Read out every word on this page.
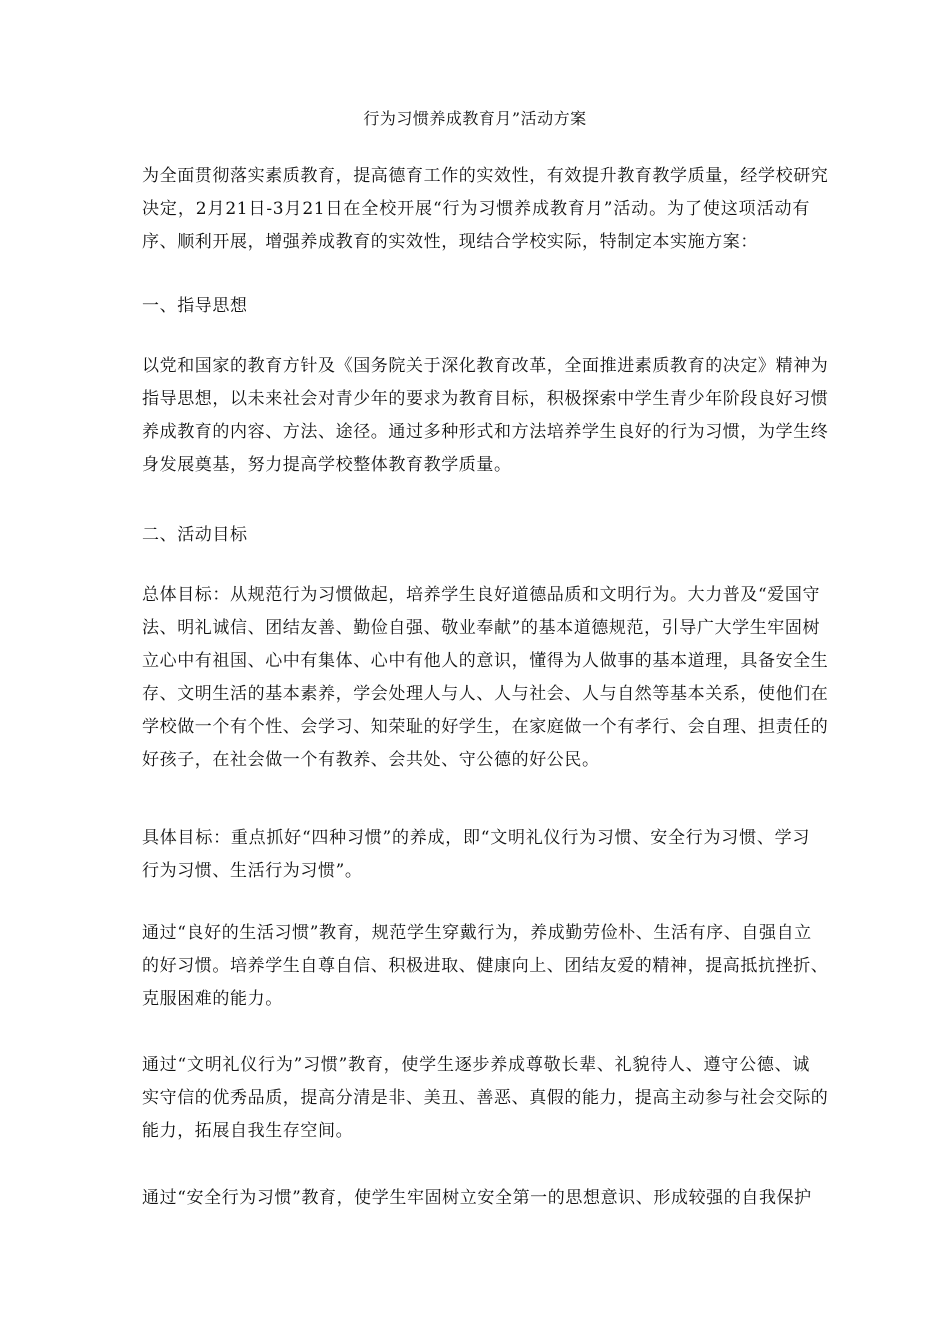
行为习惯养成教育月”活动方案
为全面贯彻落实素质教育，提高德育工作的实效性，有效提升教育教学质量，经学校研究
决定，2月21日-3月21日在全校开展“行为习惯养成教育月”活动。为了使这项活动有
序、顺利开展，增强养成教育的实效性，现结合学校实际，特制定本实施方案：
一、指导思想
以党和国家的教育方针及《国务院关于深化教育改革，全面推进素质教育的决定》精神为
指导思想，以未来社会对青少年的要求为教育目标，积极探索中学生青少年阶段良好习惯
养成教育的内容、方法、途径。通过多种形式和方法培养学生良好的行为习惯，为学生终
身发展奠基，努力提高学校整体教育教学质量。
二、活动目标
总体目标：从规范行为习惯做起，培养学生良好道德品质和文明行为。大力普及“爱国守
法、明礼诚信、团结友善、勤俭自强、敬业奉献”的基本道德规范，引导广大学生牢固树
立心中有祖国、心中有集体、心中有他人的意识，懂得为人做事的基本道理，具备安全生
存、文明生活的基本素养，学会处理人与人、人与社会、人与自然等基本关系，使他们在
学校做一个有个性、会学习、知荣耻的好学生，在家庭做一个有孝行、会自理、担责任的
好孩子，在社会做一个有教养、会共处、守公德的好公民。
具体目标：重点抓好“四种习惯”的养成，即“文明礼仪行为习惯、安全行为习惯、学习
行为习惯、生活行为习惯”。
通过“良好的生活习惯”教育，规范学生穿戴行为，养成勤劳俭朴、生活有序、自强自立
的好习惯。培养学生自尊自信、积极进取、健康向上、团结友爱的精神，提高抵抗挫折、
克服困难的能力。
通过“文明礼仪行为”习惯”教育，使学生逐步养成尊敬长辈、礼貌待人、遵守公德、诚
实守信的优秀品质，提高分清是非、美丑、善恶、真假的能力，提高主动参与社会交际的
能力，拓展自我生存空间。
通过“安全行为习惯”教育，使学生牢固树立安全第一的思想意识、形成较强的自我保护
